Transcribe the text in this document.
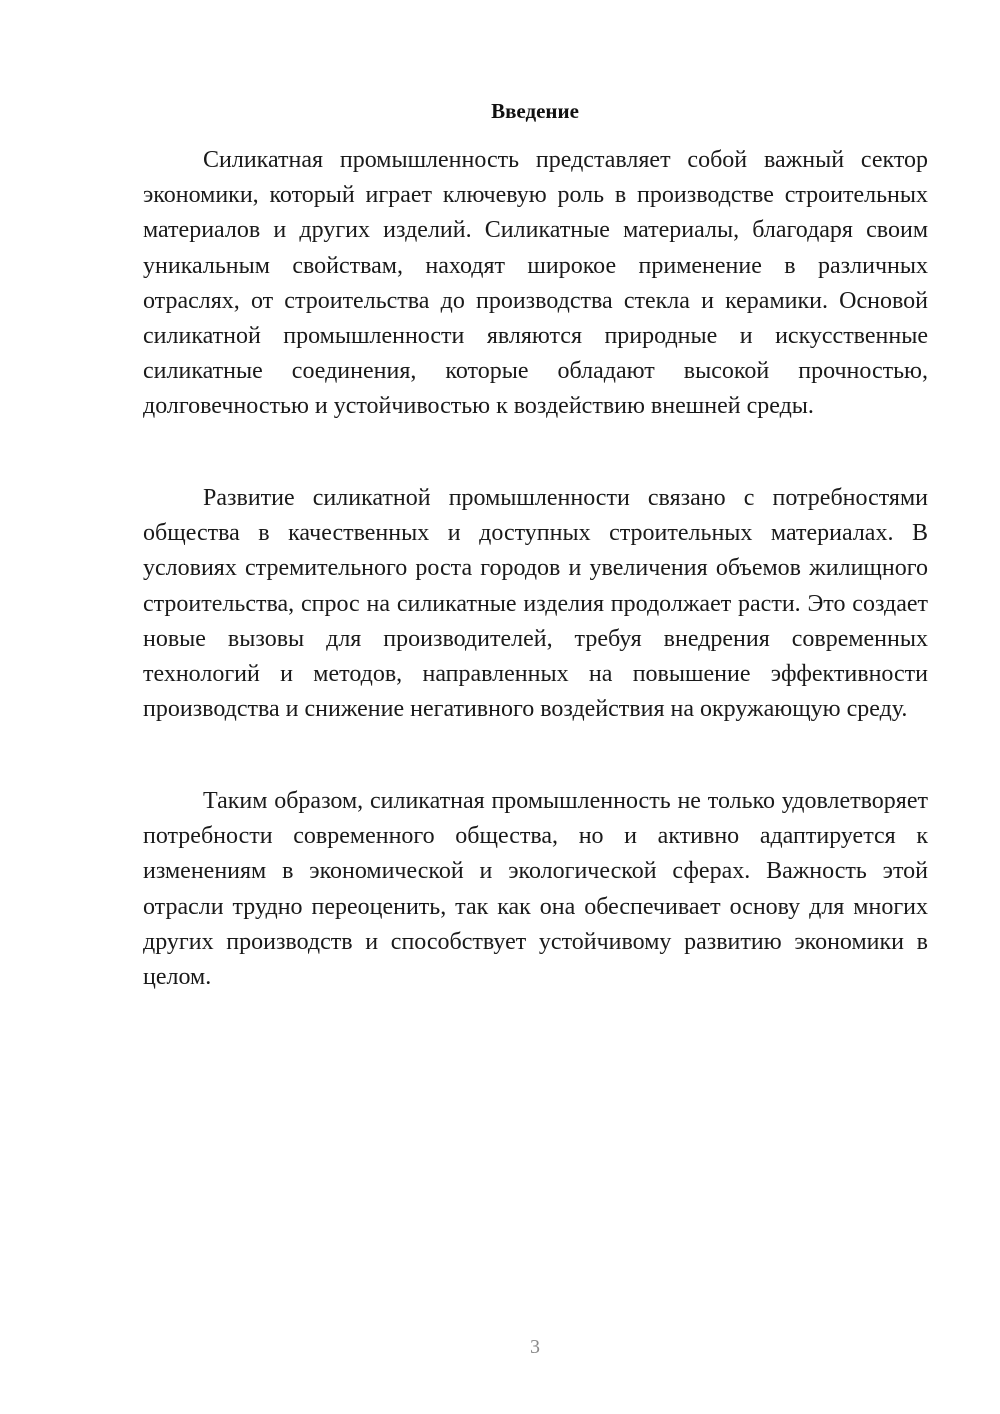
Введение

Силикатная промышленность представляет собой важный сектор экономики, который играет ключевую роль в производстве строительных материалов и других изделий. Силикатные материалы, благодаря своим уникальным свойствам, находят широкое применение в различных отраслях, от строительства до производства стекла и керамики. Основой силикатной промышленности являются природные и искусственные силикатные соединения, которые обладают высокой прочностью, долговечностью и устойчивостью к воздействию внешней среды.

Развитие силикатной промышленности связано с потребностями общества в качественных и доступных строительных материалах. В условиях стремительного роста городов и увеличения объемов жилищного строительства, спрос на силикатные изделия продолжает расти. Это создает новые вызовы для производителей, требуя внедрения современных технологий и методов, направленных на повышение эффективности производства и снижение негативного воздействия на окружающую среду.

Таким образом, силикатная промышленность не только удовлетворяет потребности современного общества, но и активно адаптируется к изменениям в экономической и экологической сферах. Важность этой отрасли трудно переоценить, так как она обеспечивает основу для многих других производств и способствует устойчивому развитию экономики в целом.

3
